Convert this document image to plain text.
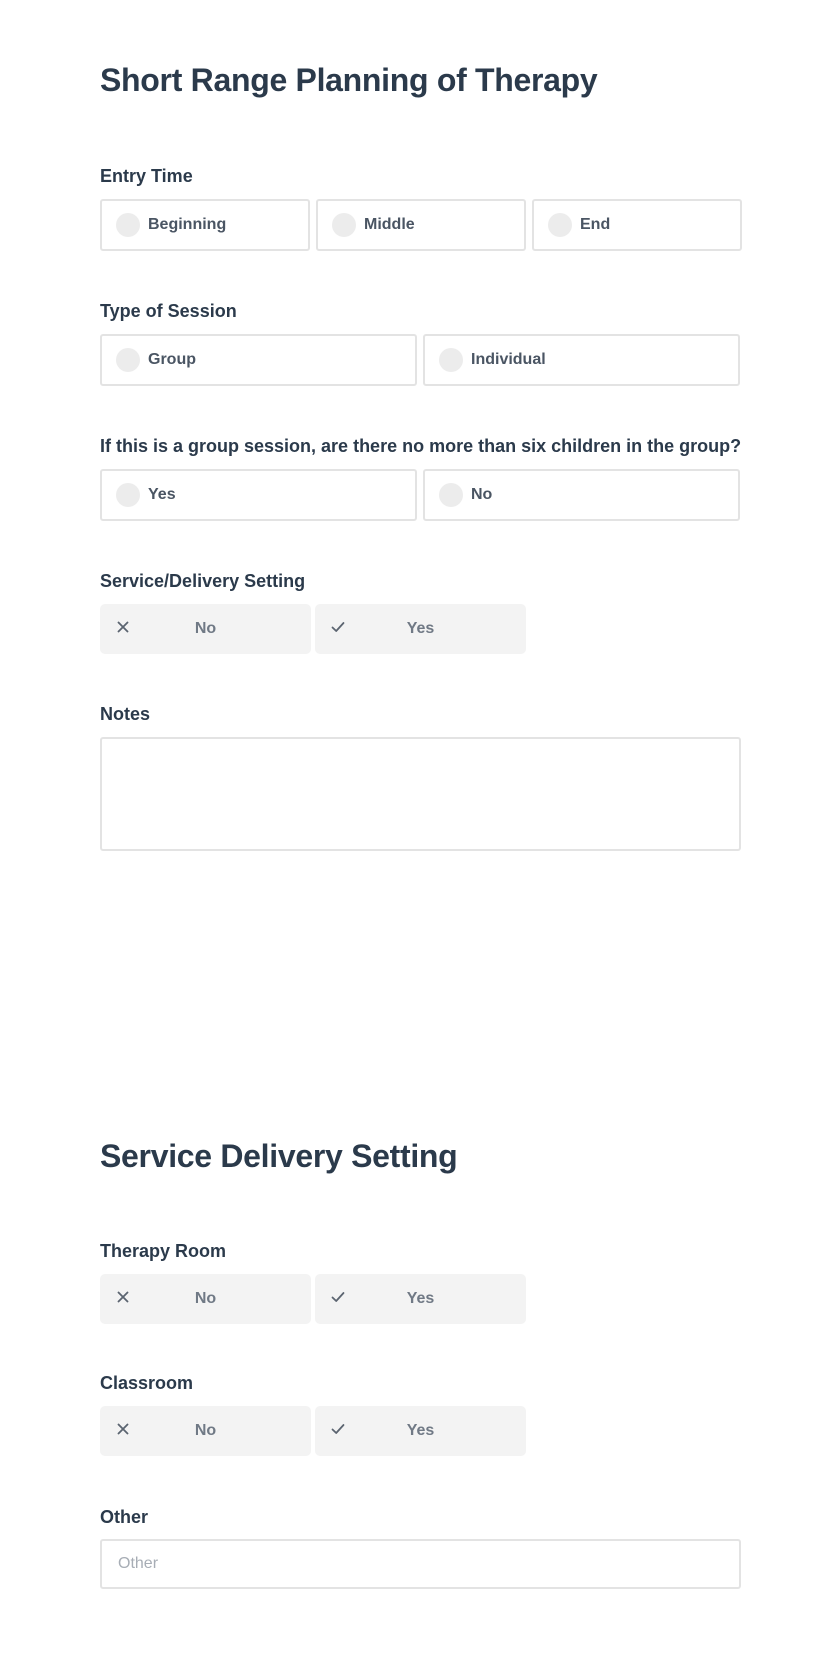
Short Range Planning of Therapy
Entry Time
Beginning	Middle	End
Type of Session
Group	Individual
If this is a group session, are there no more than six children in the group?
Yes	No
Service/Delivery Setting
No	Yes
Notes
Service Delivery Setting
Therapy Room
No	Yes
Classroom
No	Yes
Other
Other
